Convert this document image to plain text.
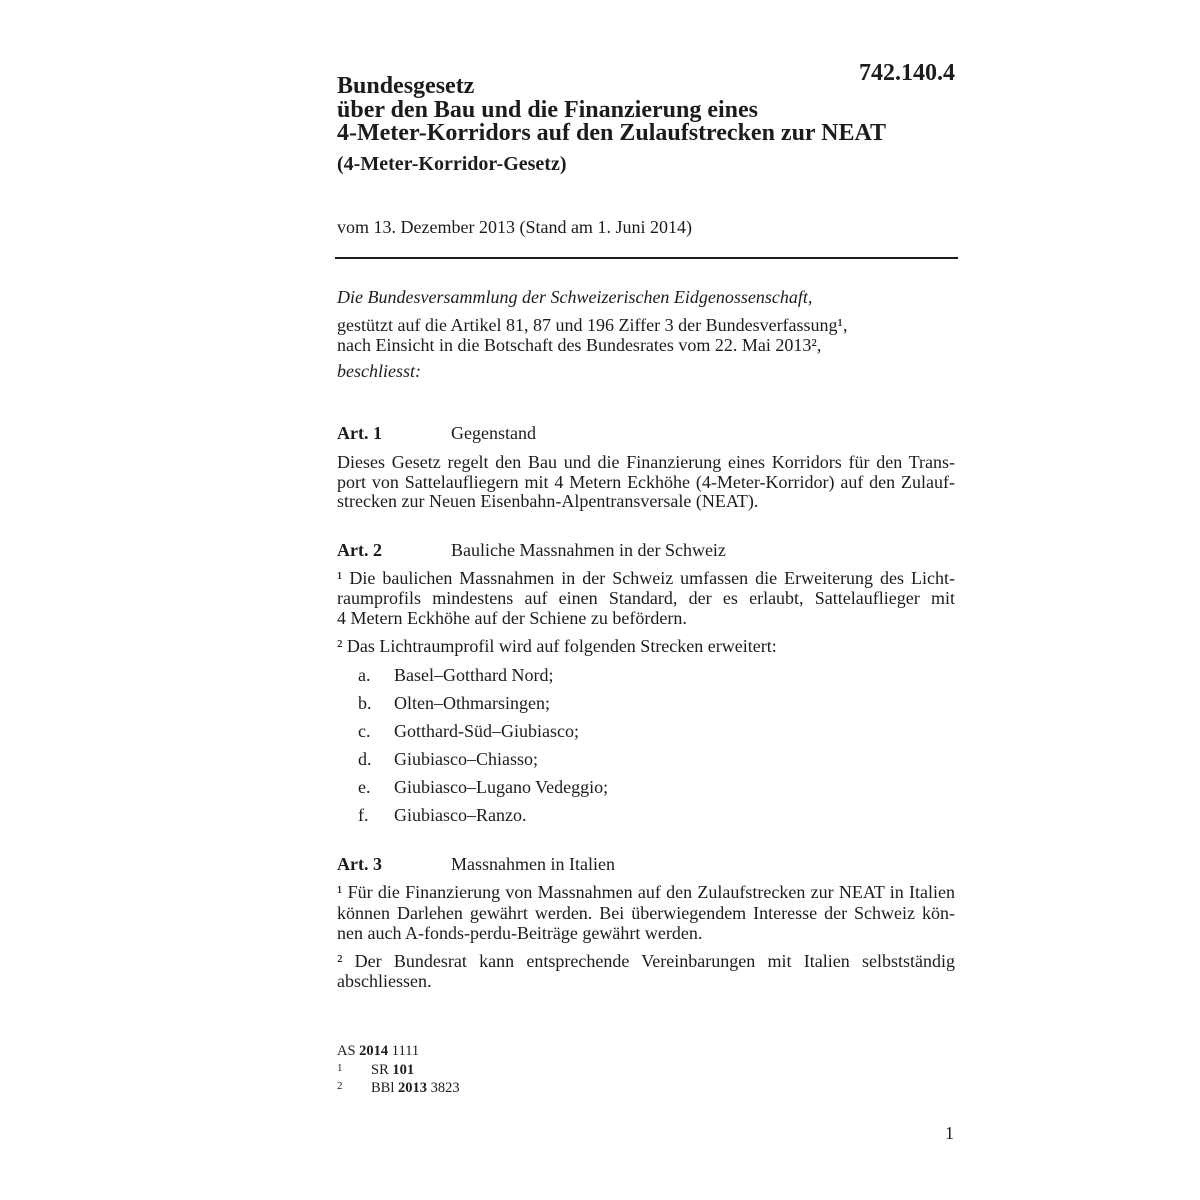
742.140.4
Bundesgesetz
über den Bau und die Finanzierung eines
4-Meter-Korridors auf den Zulaufstrecken zur NEAT
(4-Meter-Korridor-Gesetz)
vom 13. Dezember 2013 (Stand am 1. Juni 2014)
Die Bundesversammlung der Schweizerischen Eidgenossenschaft,
gestützt auf die Artikel 81, 87 und 196 Ziffer 3 der Bundesverfassung¹,
nach Einsicht in die Botschaft des Bundesrates vom 22. Mai 2013²,
beschliesst:
Art. 1	Gegenstand
Dieses Gesetz regelt den Bau und die Finanzierung eines Korridors für den Trans-
port von Sattelaufliegern mit 4 Metern Eckhöhe (4-Meter-Korridor) auf den Zulauf-
strecken zur Neuen Eisenbahn-Alpentransversale (NEAT).
Art. 2	Bauliche Massnahmen in der Schweiz
¹ Die baulichen Massnahmen in der Schweiz umfassen die Erweiterung des Licht-
raumprofils mindestens auf einen Standard, der es erlaubt, Sattelauflieger mit
4 Metern Eckhöhe auf der Schiene zu befördern.
² Das Lichtraumprofil wird auf folgenden Strecken erweitert:
a. Basel–Gotthard Nord;
b. Olten–Othmarsingen;
c. Gotthard-Süd–Giubiasco;
d. Giubiasco–Chiasso;
e. Giubiasco–Lugano Vedeggio;
f. Giubiasco–Ranzo.
Art. 3	Massnahmen in Italien
¹ Für die Finanzierung von Massnahmen auf den Zulaufstrecken zur NEAT in Italien
können Darlehen gewährt werden. Bei überwiegendem Interesse der Schweiz kön-
nen auch A-fonds-perdu-Beiträge gewährt werden.
² Der Bundesrat kann entsprechende Vereinbarungen mit Italien selbstständig
abschliessen.
AS 2014 1111
1 SR 101
2 BBl 2013 3823
1
